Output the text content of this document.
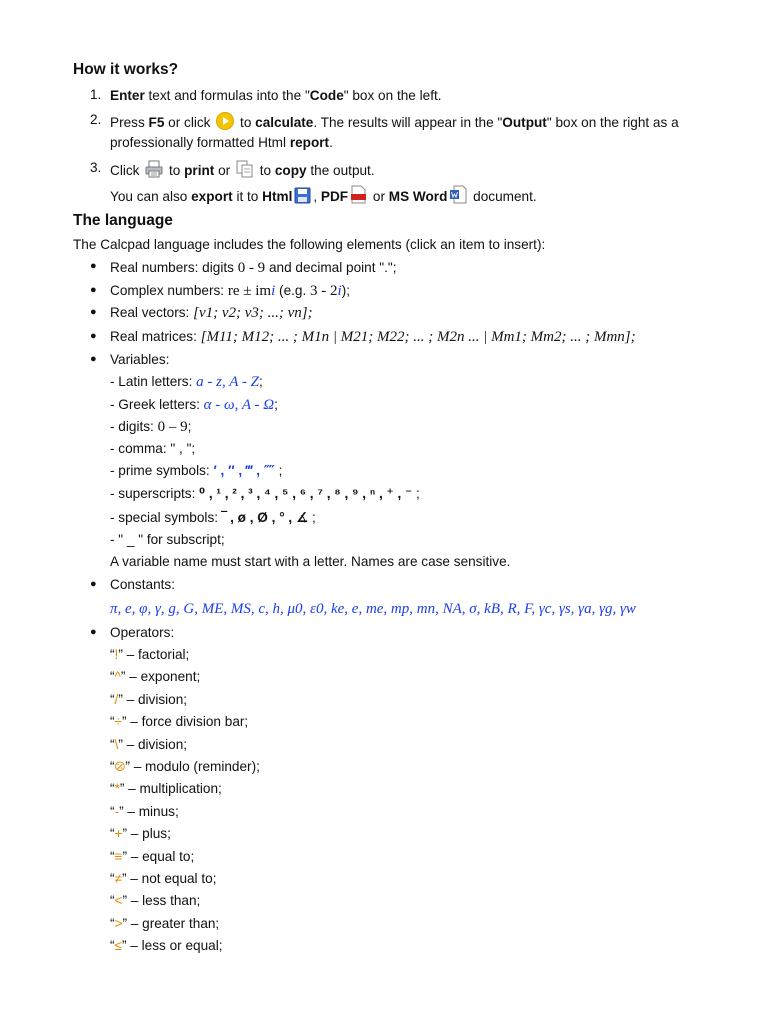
How it works?
1. Enter text and formulas into the "Code" box on the left.
2. Press F5 or click  to calculate. The results will appear in the "Output" box on the right as a
professionally formatted Html report.
3. Click  to print or  to copy the output.
You can also export it to Html , PDF or MS Word document.
The language
The Calcpad language includes the following elements (click an item to insert):
● Real numbers: digits 0 - 9 and decimal point ".";
● Complex numbers: re ± imi (e.g. 3 - 2i);
● Real vectors: [v1; v2; v3; ...; vn];
● Real matrices: [M11; M12; ... ; M1n | M21; M22; ... ; M2n ... | Mm1; Mm2; ... ; Mmn];
● Variables:
- Latin letters: a - z, A - Z;
- Greek letters: α - ω, Α - Ω;
- digits: 0 – 9;
- comma: " , ";
- prime symbols: ′ , ″ , ‴ , ⁗ ;
- superscripts: ⁰ , ¹ , ² , ³ , ⁴ , ⁵ , ⁶ , ⁷ , ⁸ , ⁹ , ⁿ , ⁺ , ⁻ ;
- special symbols: ‾ , ø , Ø , ° , ∡ ;
- " _ " for subscript;
A variable name must start with a letter. Names are case sensitive.
● Constants:
π, e, φ, γ, g, G, ME, MS, c, h, μ0, ε0, ke, e, me, mp, mn, NA, σ, kB, R, F, γc, γs, γa, γg, γw
● Operators:
“!” – factorial;
“^” – exponent;
“/” – division;
“÷” – force division bar;
“\” – division;
“⦼” – modulo (reminder);
“*” – multiplication;
“-” – minus;
“+” – plus;
“≡” – equal to;
“≠” – not equal to;
“<” – less than;
“>” – greater than;
“≤” – less or equal;
